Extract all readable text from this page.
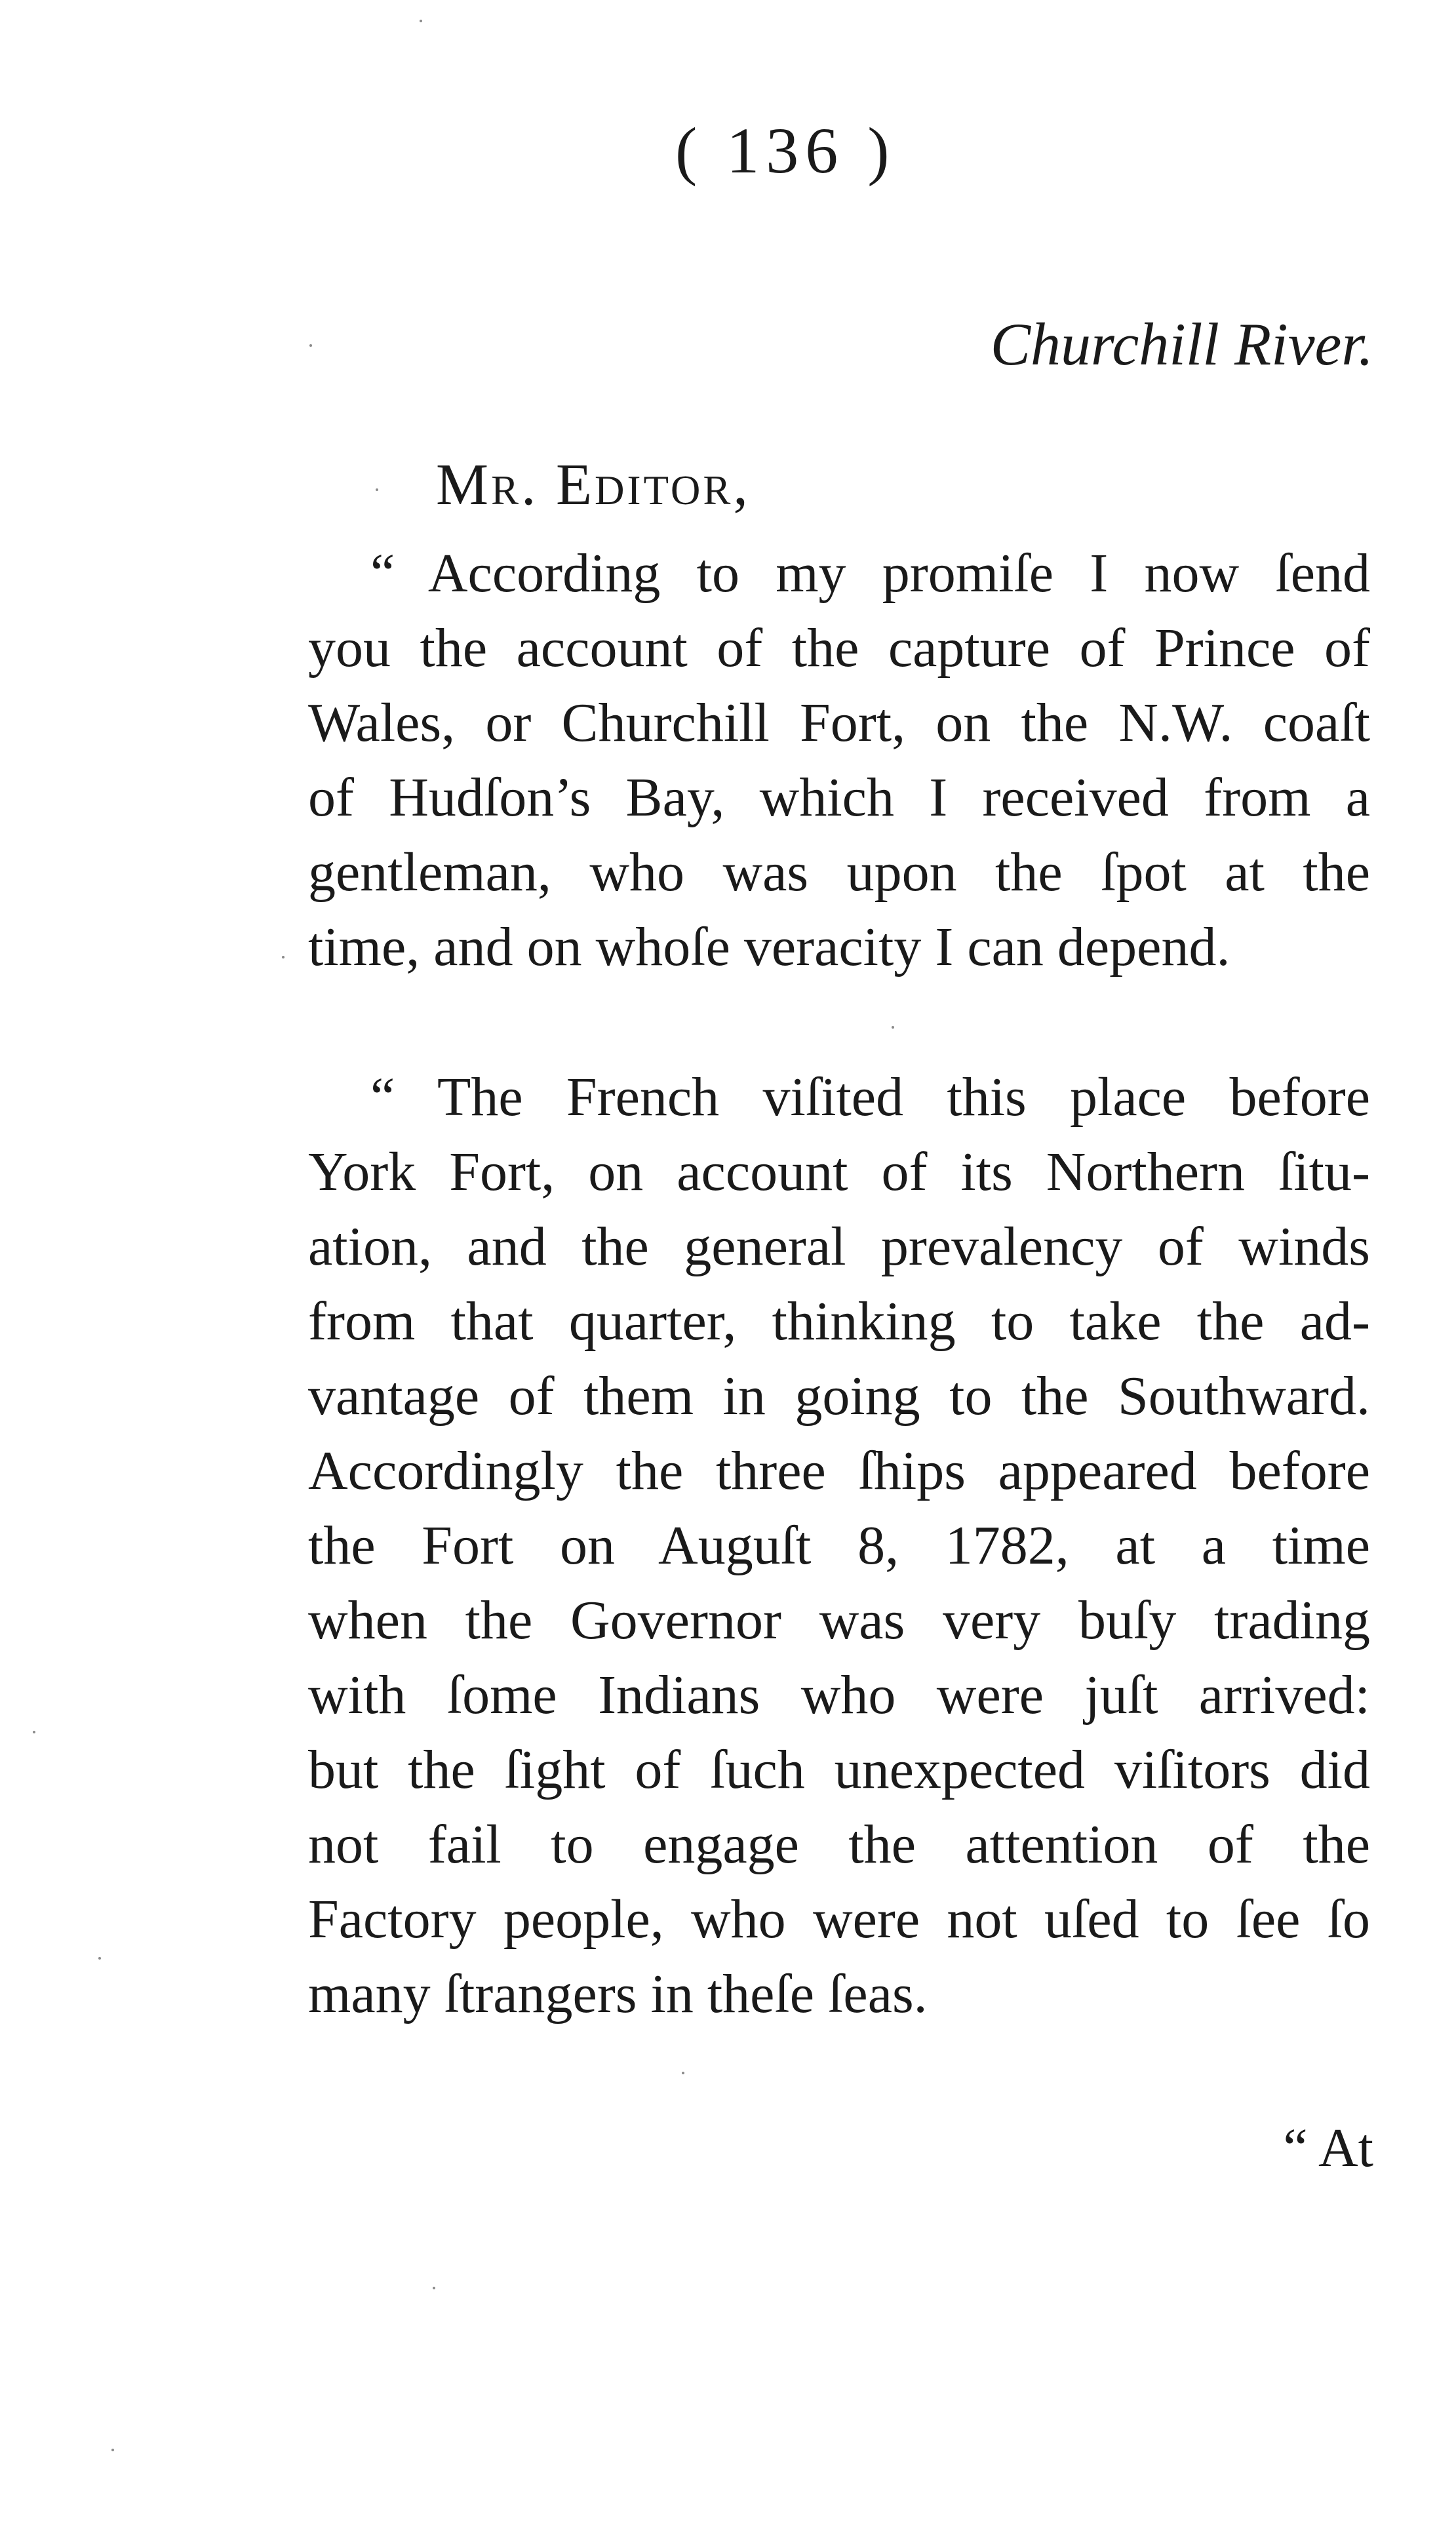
( 136 )
Churchill River.
Mr. Editor,
“ According to my promiſe I now ſend
you the account of the capture of Prince of
Wales, or Churchill Fort, on the N.W. coaſt
of Hudſon’s Bay, which I received from a
gentleman, who was upon the ſpot at the
time, and on whoſe veracity I can depend.
“ The French viſited this place before
York Fort, on account of its Northern ſitu-
ation, and the general prevalency of winds
from that quarter, thinking to take the ad-
vantage of them in going to the Southward.
Accordingly the three ſhips appeared before
the Fort on Auguſt 8, 1782, at a time
when the Governor was very buſy trading
with ſome Indians who were juſt arrived:
but the ſight of ſuch unexpected viſitors did
not fail to engage the attention of the
Factory people, who were not uſed to ſee ſo
many ſtrangers in theſe ſeas.
“ At
